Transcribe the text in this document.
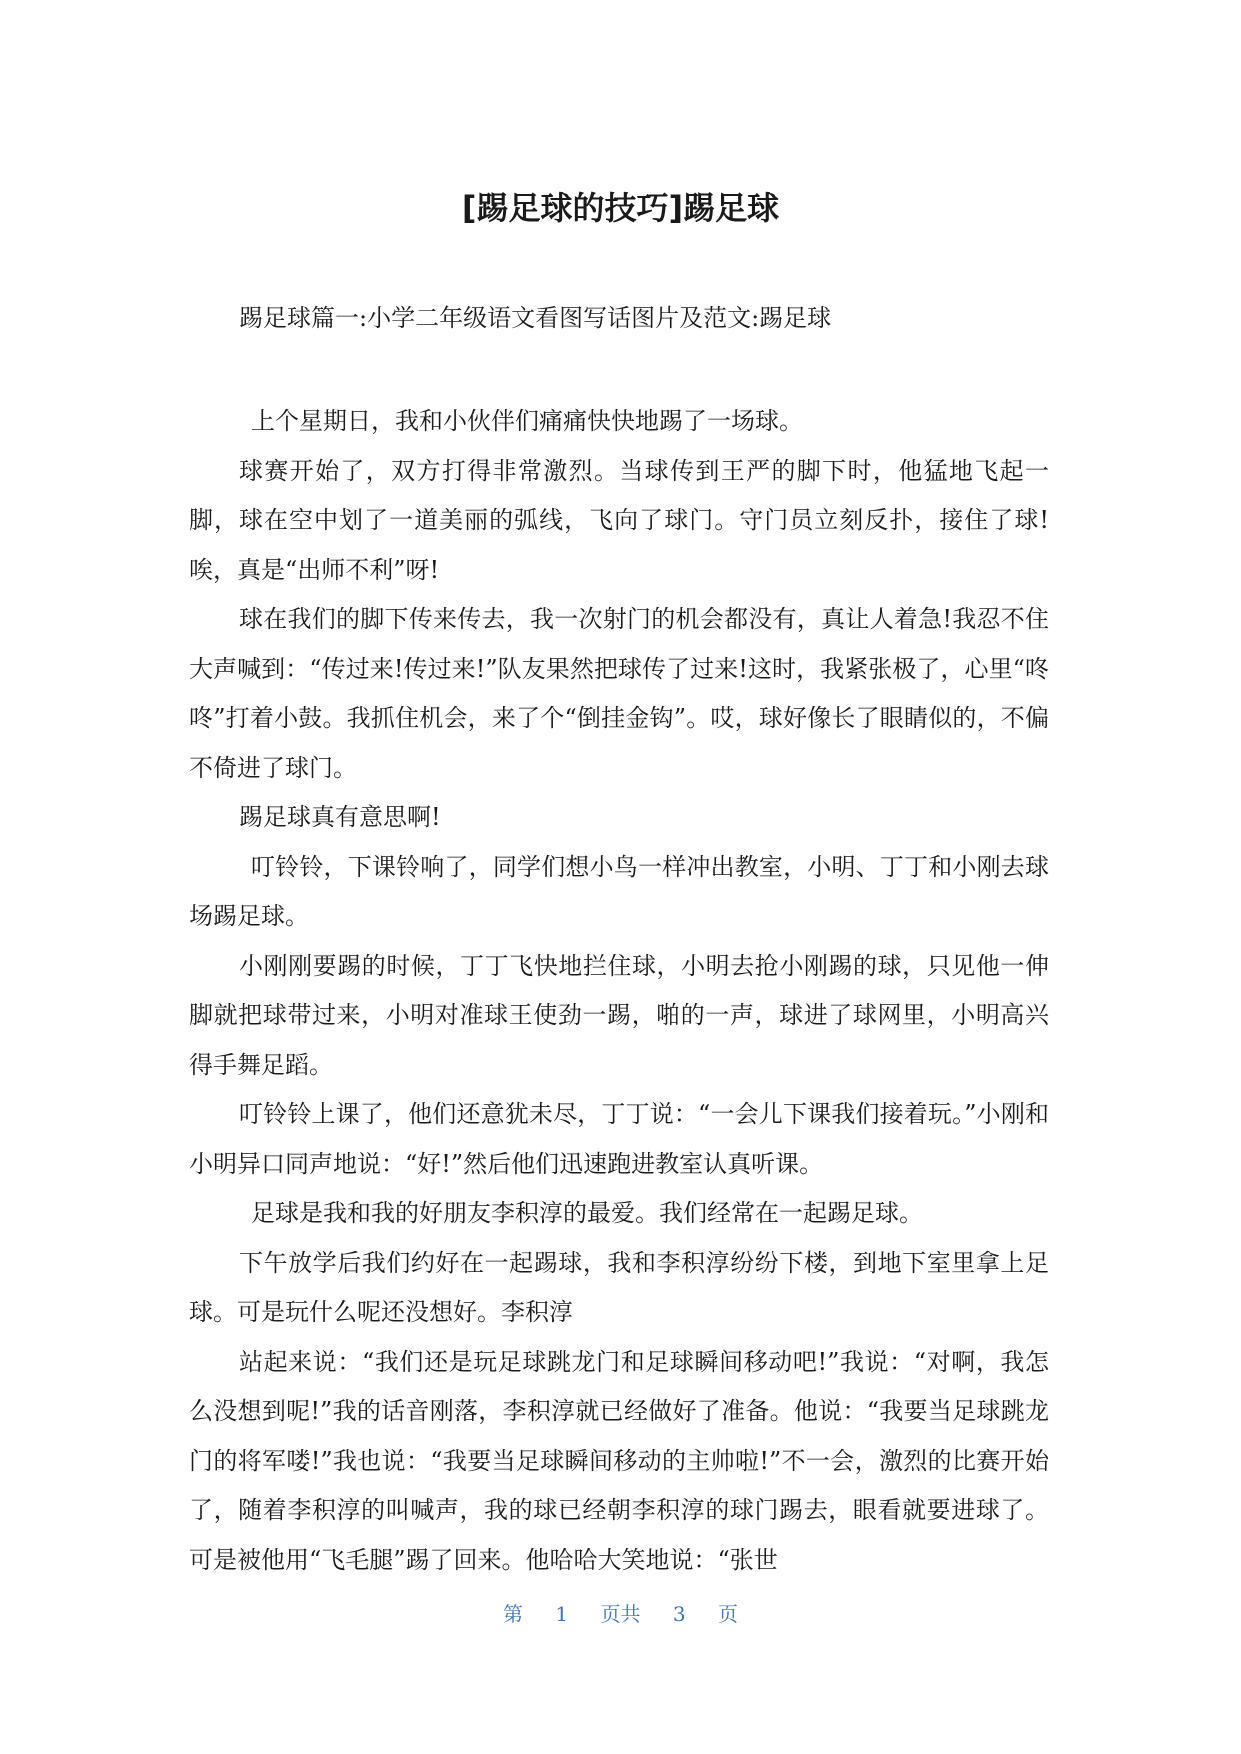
[踢足球的技巧]踢足球
踢足球篇一:小学二年级语文看图写话图片及范文:踢足球

上个星期日，我和小伙伴们痛痛快快地踢了一场球。

球赛开始了，双方打得非常激烈。当球传到王严的脚下时，他猛地飞起一脚，球在空中划了一道美丽的弧线，飞向了球门。守门员立刻反扑，接住了球!唉，真是“出师不利”呀!

球在我们的脚下传来传去，我一次射门的机会都没有，真让人着急!我忍不住大声喊到：“传过来!传过来!”队友果然把球传了过来!这时，我紧张极了，心里“咚咚”打着小鼓。我抓住机会，来了个“倒挂金钩”。哎，球好像长了眼睛似的，不偏不倚进了球门。

踢足球真有意思啊!

叮铃铃，下课铃响了，同学们想小鸟一样冲出教室，小明、丁丁和小刚去球场踢足球。

小刚刚要踢的时候，丁丁飞快地拦住球，小明去抢小刚踢的球，只见他一伸脚就把球带过来，小明对准球王使劲一踢，啪的一声，球进了球网里，小明高兴得手舞足蹈。

叮铃铃上课了，他们还意犹未尽，丁丁说：“一会儿下课我们接着玩。”小刚和小明异口同声地说：“好!”然后他们迅速跑进教室认真听课。

足球是我和我的好朋友李积淳的最爱。我们经常在一起踢足球。

下午放学后我们约好在一起踢球，我和李积淳纷纷下楼，到地下室里拿上足球。可是玩什么呢还没想好。李积淳

站起来说：“我们还是玩足球跳龙门和足球瞬间移动吧!”我说：“对啊，我怎么没想到呢!”我的话音刚落，李积淳就已经做好了准备。他说：“我要当足球跳龙门的将军喽!”我也说：“我要当足球瞬间移动的主帅啦!”不一会，激烈的比赛开始了，随着李积淳的叫喊声，我的球已经朝李积淳的球门踢去，眼看就要进球了。可是被他用“飞毛腿”踢了回来。他哈哈大笑地说：“张世

第 1 页共 3 页
